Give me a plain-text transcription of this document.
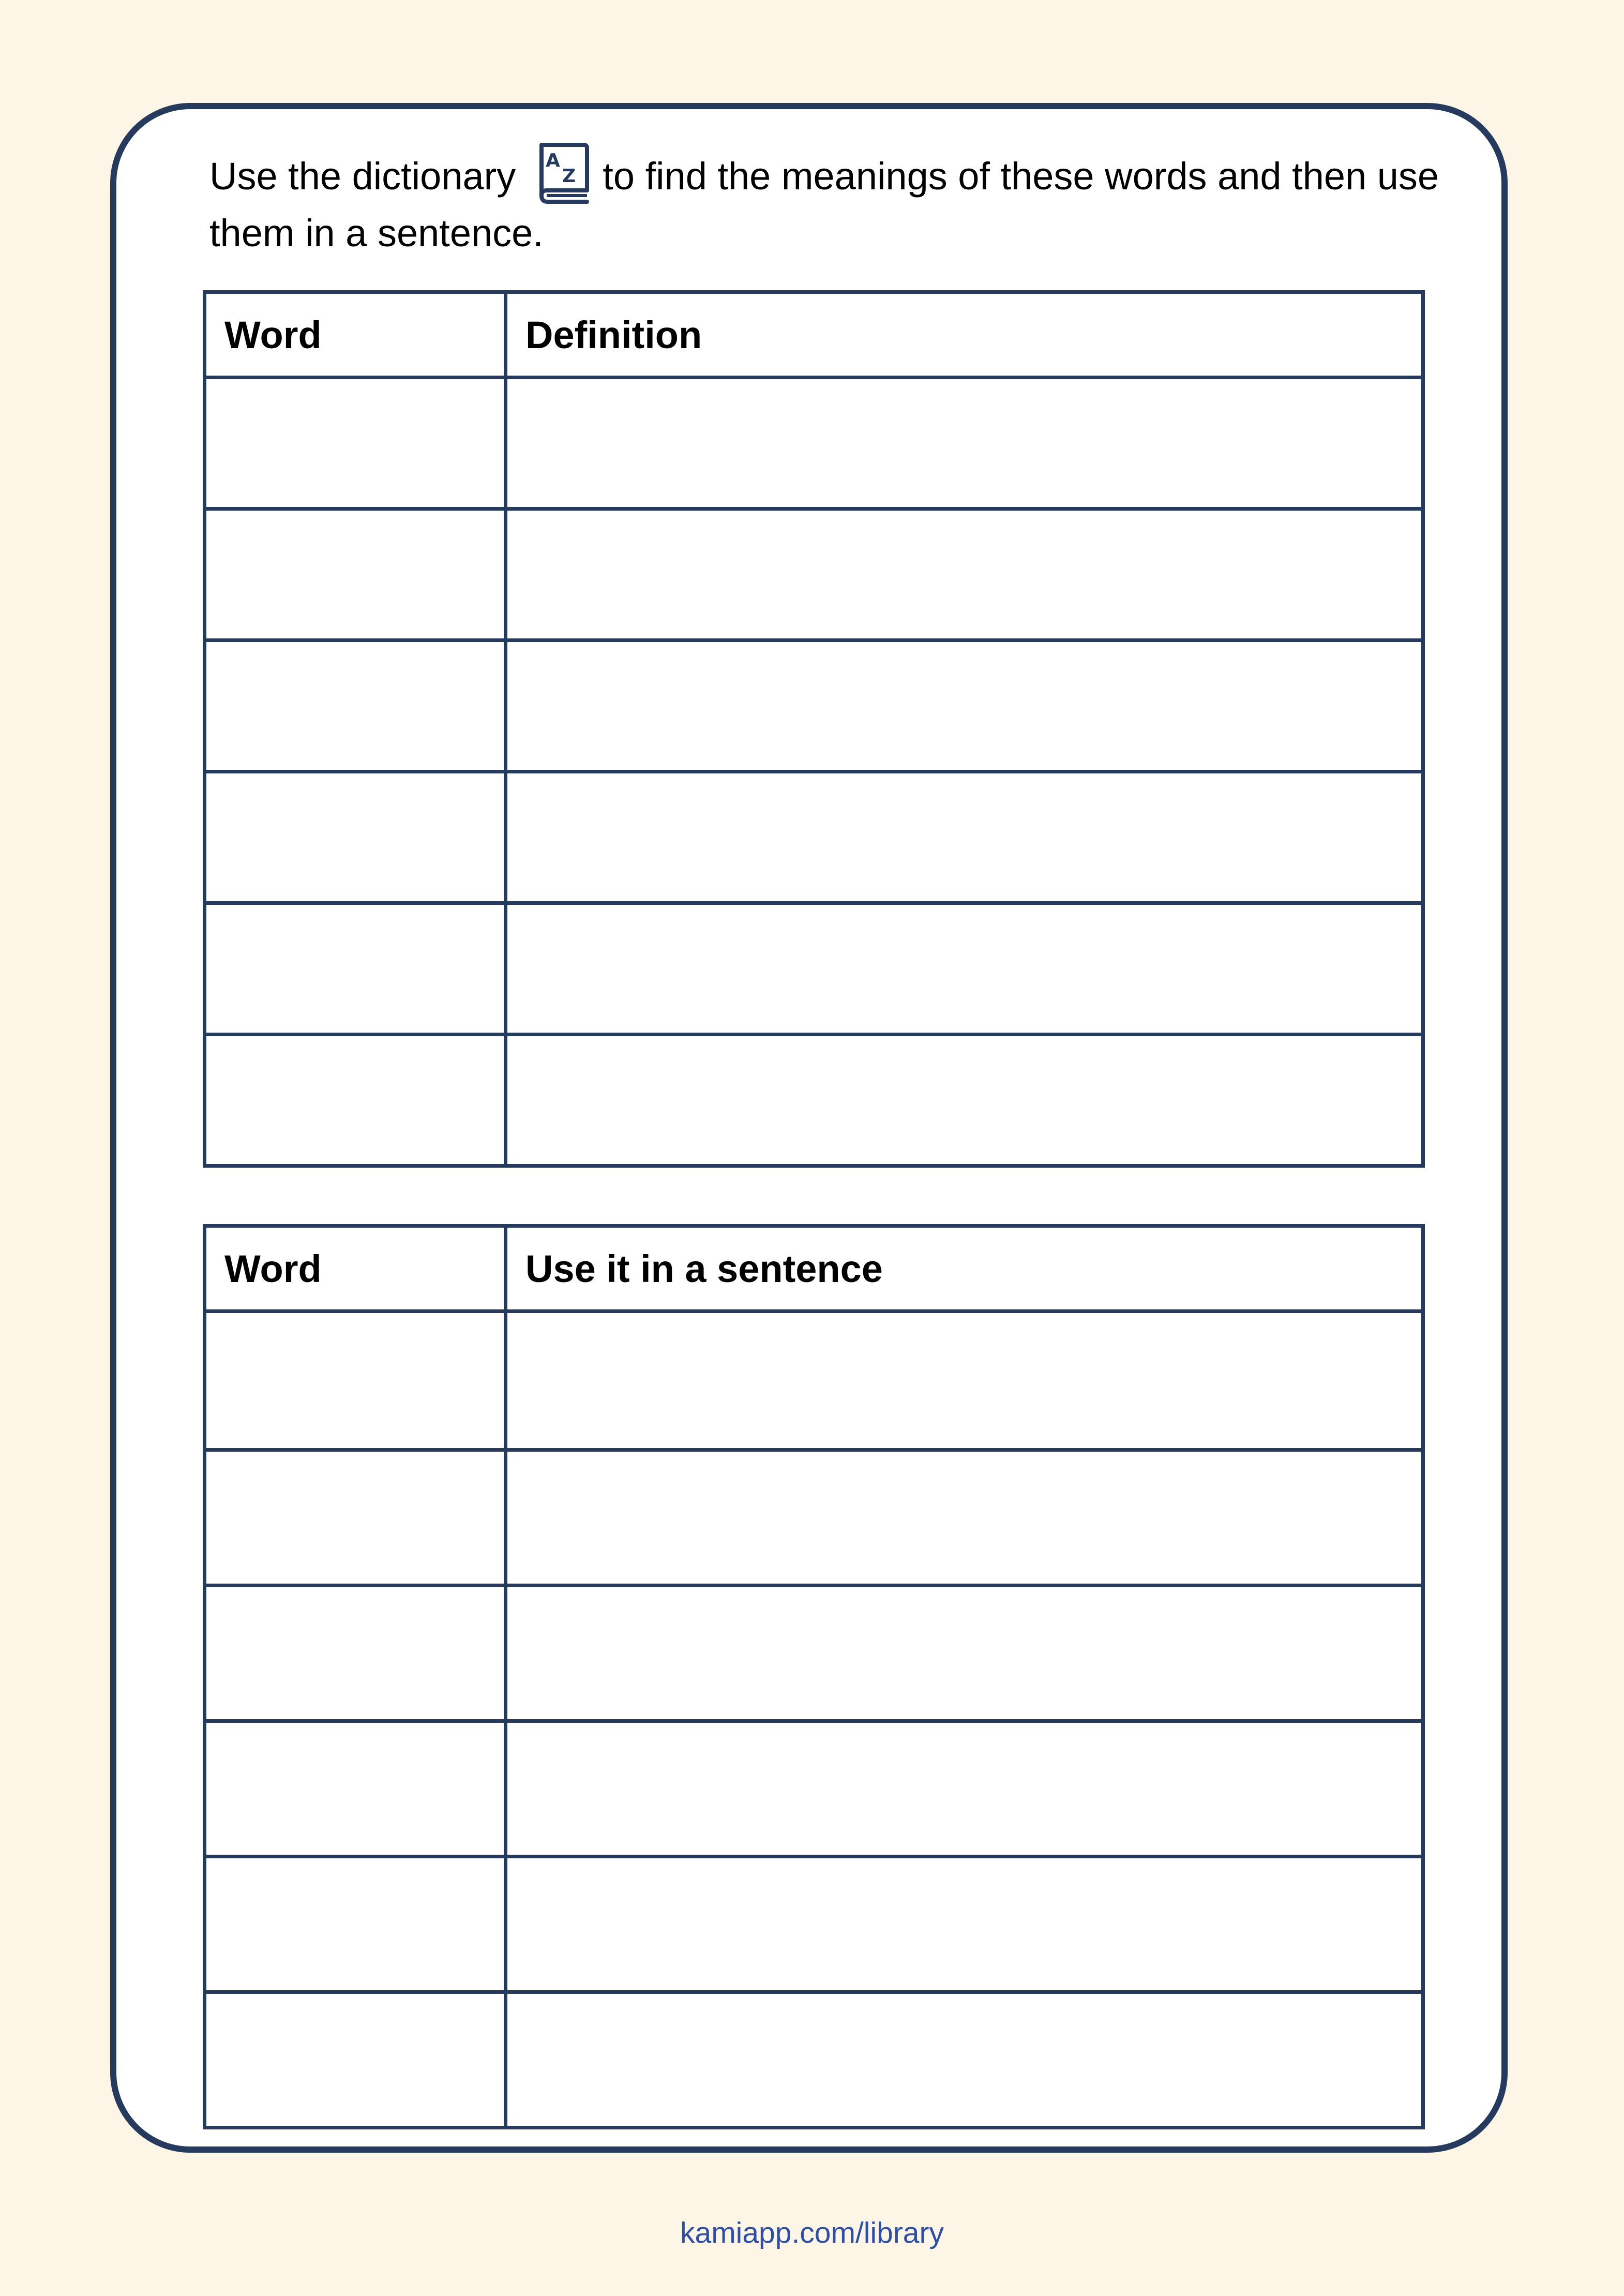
Use the dictionary A
Z to find the meanings of these words and then use them in a sentence.

Word	Definition

Word	Use it in a sentence

kamiapp.com/library
